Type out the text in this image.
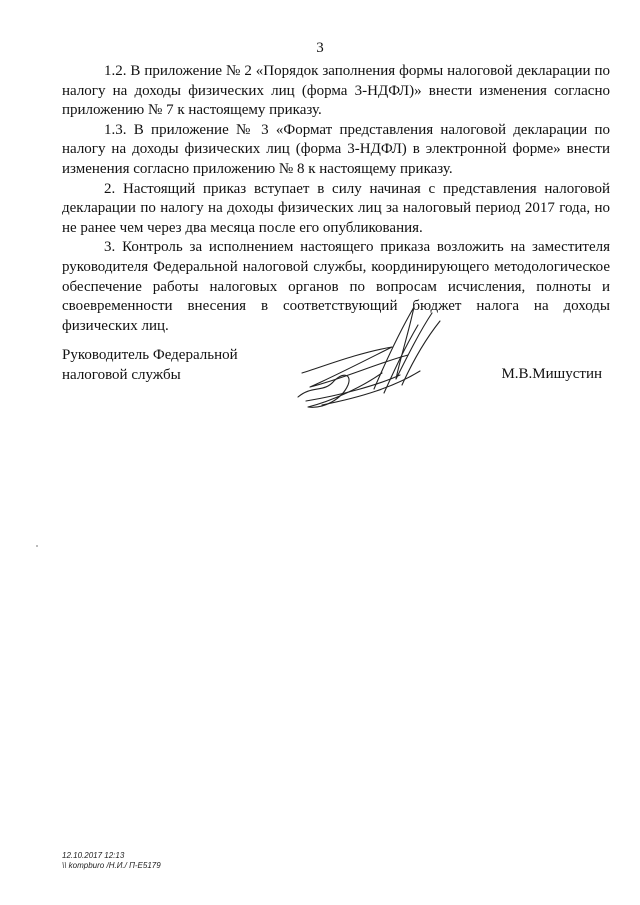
3

1.2. В приложение № 2 «Порядок заполнения формы налоговой декларации по налогу на доходы физических лиц (форма 3-НДФЛ)» внести изменения согласно приложению № 7 к настоящему приказу.

1.3. В приложение № 3 «Формат представления налоговой декларации по налогу на доходы физических лиц (форма 3-НДФЛ) в электронной форме» внести изменения согласно приложению № 8 к настоящему приказу.

2. Настоящий приказ вступает в силу начиная с представления налоговой декларации по налогу на доходы физических лиц за налоговый период 2017 года, но не ранее чем через два месяца после его опубликования.

3. Контроль за исполнением настоящего приказа возложить на заместителя руководителя Федеральной налоговой службы, координирующего методологическое обеспечение работы налоговых органов по вопросам исчисления, полноты и своевременности внесения в соответствующий бюджет налога на доходы физических лиц.

Руководитель Федеральной
налоговой службы	М.В.Мишустин
12.10.2017 12:13
\\ kompburo /Н.И./ П-E5179
